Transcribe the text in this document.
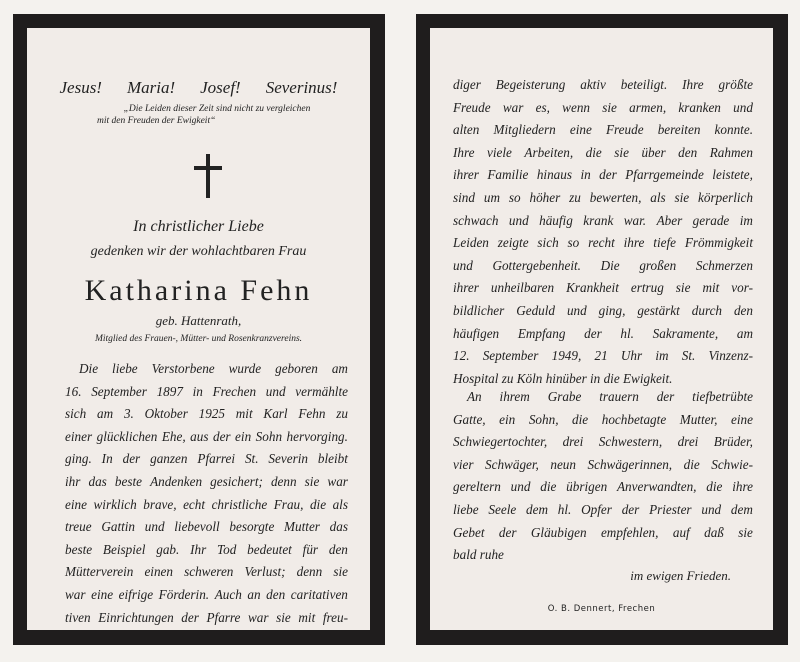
Jesus! Maria! Josef! Severinus!
„Die Leiden dieser Zeit sind nicht zu vergleichen
mit den Freuden der Ewigkeit“
In christlicher Liebe
gedenken wir der wohlachtbaren Frau
Katharina Fehn
geb. Hattenrath,
Mitglied des Frauen-, Mütter- und Rosenkranzvereins.
Die liebe Verstorbene wurde geboren am
16. September 1897 in Frechen und vermählte
sich am 3. Oktober 1925 mit Karl Fehn zu
einer glücklichen Ehe, aus der ein Sohn hervorging.
ging. In der ganzen Pfarrei St. Severin bleibt
ihr das beste Andenken gesichert; denn sie war
eine wirklich brave, echt christliche Frau, die als
treue Gattin und liebevoll besorgte Mutter das
beste Beispiel gab. Ihr Tod bedeutet für den
Mütterverein einen schweren Verlust; denn sie
war eine eifrige Förderin. Auch an den caritativen
tiven Einrichtungen der Pfarre war sie mit freu-
diger Begeisterung aktiv beteiligt. Ihre größte
Freude war es, wenn sie armen, kranken und
alten Mitgliedern eine Freude bereiten konnte.
Ihre viele Arbeiten, die sie über den Rahmen
ihrer Familie hinaus in der Pfarrgemeinde leistete,
sind um so höher zu bewerten, als sie körperlich
schwach und häufig krank war. Aber gerade im
Leiden zeigte sich so recht ihre tiefe Frömmigkeit
und Gottergebenheit. Die großen Schmerzen
ihrer unheilbaren Krankheit ertrug sie mit vor-
bildlicher Geduld und ging, gestärkt durch den
häufigen Empfang der hl. Sakramente, am
12. September 1949, 21 Uhr im St. Vinzenz-
Hospital zu Köln hinüber in die Ewigkeit.
An ihrem Grabe trauern der tiefbetrübte
Gatte, ein Sohn, die hochbetagte Mutter, eine
Schwiegertochter, drei Schwestern, drei Brüder,
vier Schwäger, neun Schwägerinnen, die Schwie-
gereltern und die übrigen Anverwandten, die ihre
liebe Seele dem hl. Opfer der Priester und dem
Gebet der Gläubigen empfehlen, auf daß sie
bald ruhe
im ewigen Frieden.
O. B. Dennert, Frechen
